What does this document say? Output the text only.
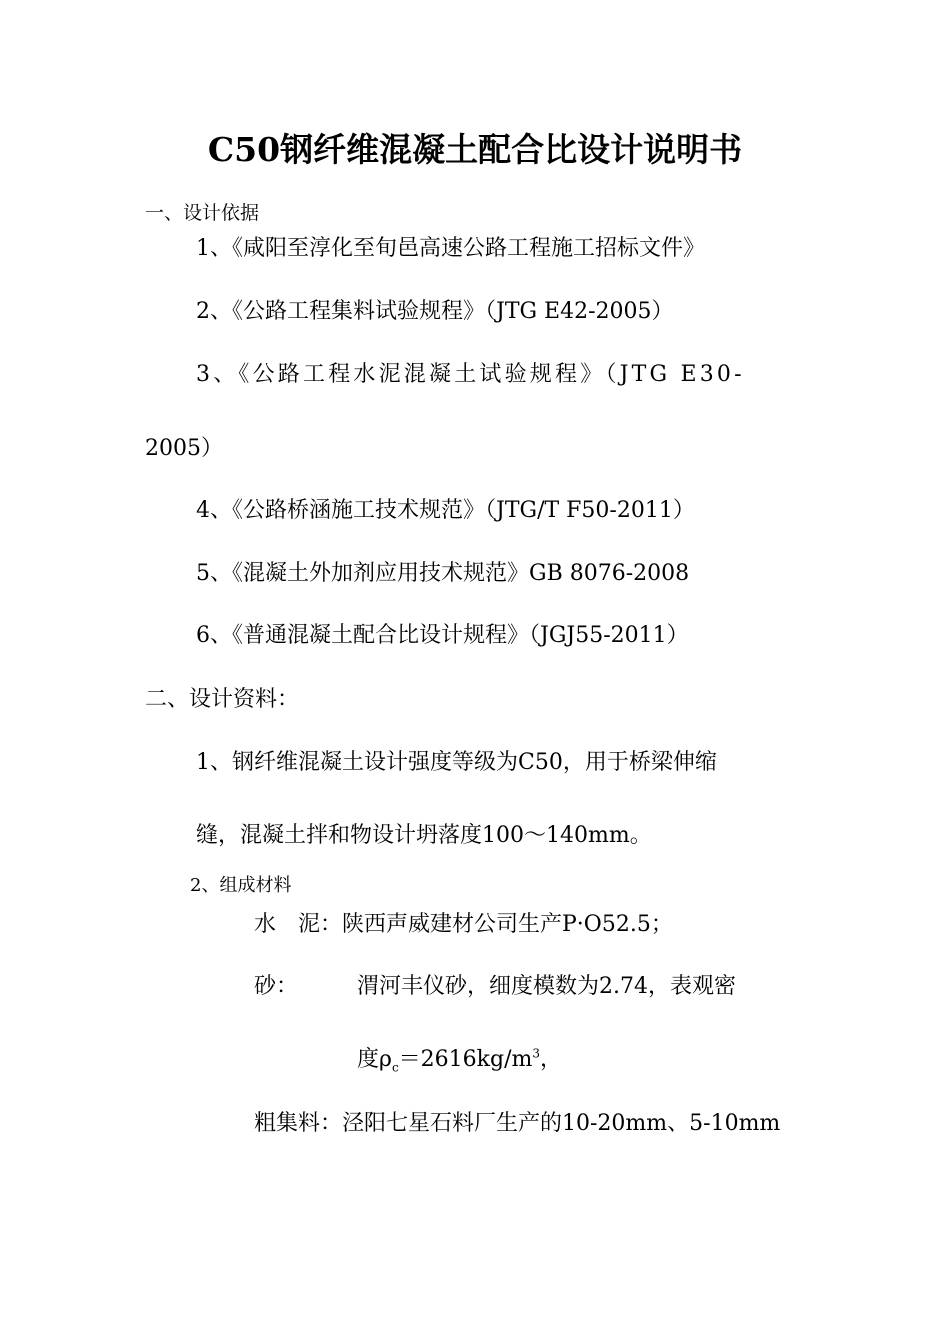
C50钢纤维混凝土配合比设计说明书

一、设计依据

1、《咸阳至淳化至旬邑高速公路工程施工招标文件》

2、《公路工程集料试验规程》（JTG E42-2005）

3、《公路工程水泥混凝土试验规程》（JTG E30-

2005）

4、《公路桥涵施工技术规范》（JTG/T F50-2011）

5、《混凝土外加剂应用技术规范》GB 8076-2008

6、《普通混凝土配合比设计规程》（JGJ55-2011）

二、设计资料：

1、钢纤维混凝土设计强度等级为C50，用于桥梁伸缩

缝，混凝土拌和物设计坍落度100～140mm。

2、组成材料

水　泥：陕西声威建材公司生产P·O52.5；

砂：	渭河丰仪砂，细度模数为2.74，表观密

度$\rho_c=2616kg/m^3$，

粗集料：泾阳七星石料厂生产的10-20mm、5-10mm
